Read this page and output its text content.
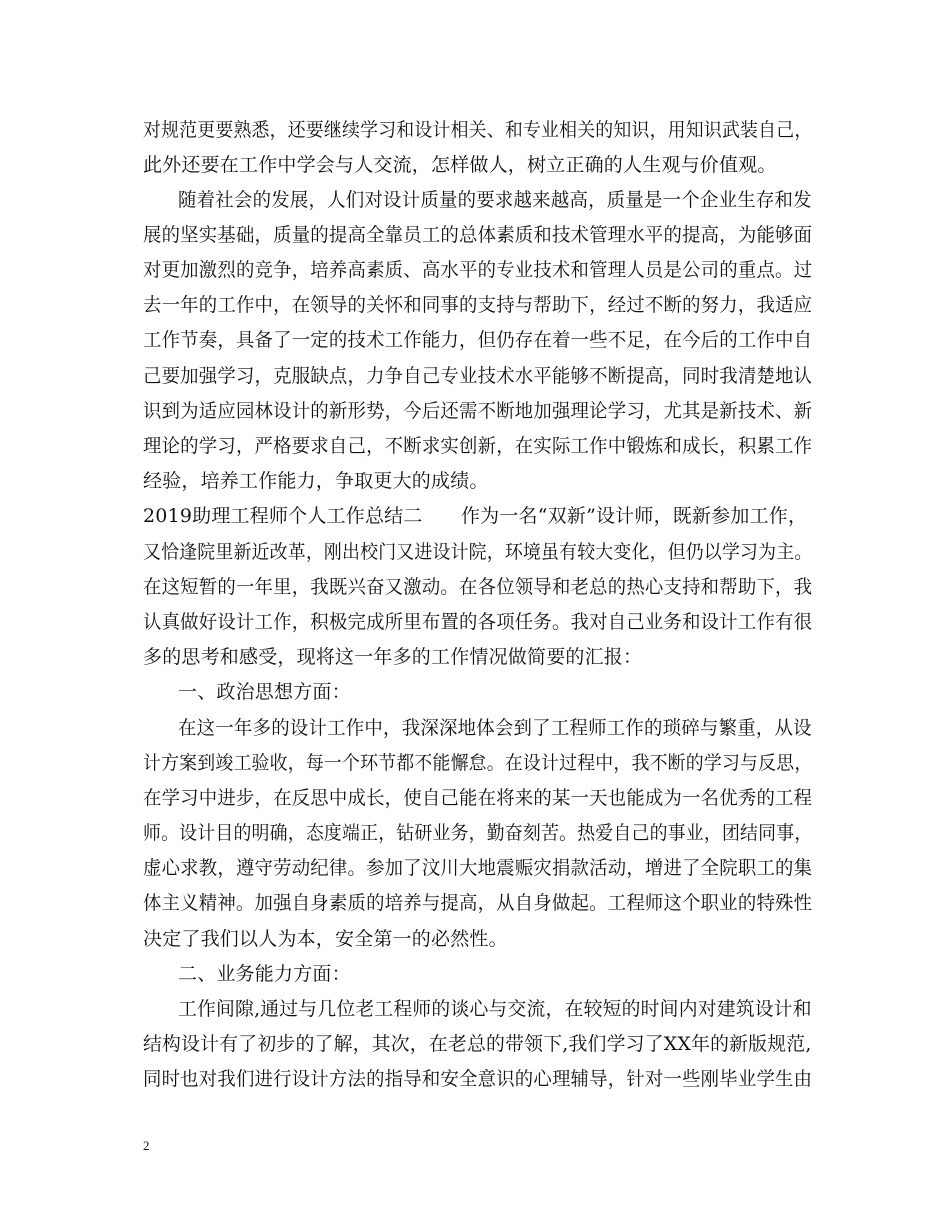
对规范更要熟悉，还要继续学习和设计相关、和专业相关的知识，用知识武装自己，
此外还要在工作中学会与人交流，怎样做人，树立正确的人生观与价值观。
随着社会的发展，人们对设计质量的要求越来越高，质量是一个企业生存和发
展的坚实基础，质量的提高全靠员工的总体素质和技术管理水平的提高，为能够面
对更加激烈的竞争，培养高素质、高水平的专业技术和管理人员是公司的重点。过
去一年的工作中，在领导的关怀和同事的支持与帮助下，经过不断的努力，我适应
工作节奏，具备了一定的技术工作能力，但仍存在着一些不足，在今后的工作中自
己要加强学习，克服缺点，力争自己专业技术水平能够不断提高，同时我清楚地认
识到为适应园林设计的新形势，今后还需不断地加强理论学习，尤其是新技术、新
理论的学习，严格要求自己，不断求实创新，在实际工作中锻炼和成长，积累工作
经验，培养工作能力，争取更大的成绩。
2019助理工程师个人工作总结二　　作为一名“双新”设计师，既新参加工作，
又恰逢院里新近改革，刚出校门又进设计院，环境虽有较大变化，但仍以学习为主。
在这短暂的一年里，我既兴奋又激动。在各位领导和老总的热心支持和帮助下，我
认真做好设计工作，积极完成所里布置的各项任务。我对自己业务和设计工作有很
多的思考和感受，现将这一年多的工作情况做简要的汇报：
一、政治思想方面：
在这一年多的设计工作中，我深深地体会到了工程师工作的琐碎与繁重，从设
计方案到竣工验收，每一个环节都不能懈怠。在设计过程中，我不断的学习与反思，
在学习中进步，在反思中成长，使自己能在将来的某一天也能成为一名优秀的工程
师。设计目的明确，态度端正，钻研业务，勤奋刻苦。热爱自己的事业，团结同事，
虚心求教，遵守劳动纪律。参加了汶川大地震赈灾捐款活动，增进了全院职工的集
体主义精神。加强自身素质的培养与提高，从自身做起。工程师这个职业的特殊性
决定了我们以人为本，安全第一的必然性。
二、业务能力方面：
工作间隙,通过与几位老工程师的谈心与交流，在较短的时间内对建筑设计和
结构设计有了初步的了解，其次，在老总的带领下,我们学习了XX年的新版规范,
同时也对我们进行设计方法的指导和安全意识的心理辅导，针对一些刚毕业学生由
2
